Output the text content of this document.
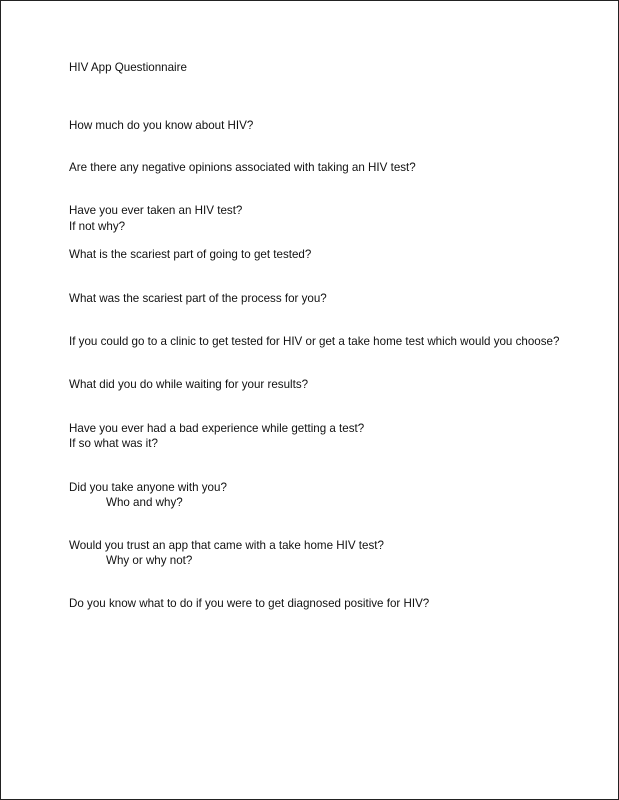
HIV App Questionnaire

How much do you know about HIV?

Are there any negative opinions associated with taking an HIV test?

Have you ever taken an HIV test?

If not why?

What is the scariest part of going to get tested?

What was the scariest part of the process for you?

If you could go to a clinic to get tested for HIV or get a take home test which would you choose?

What did you do while waiting for your results?

Have you ever had a bad experience while getting a test?

If so what was it?

Did you take anyone with you?

Who and why?

Would you trust an app that came with a take home HIV test?

Why or why not?

Do you know what to do if you were to get diagnosed positive for HIV?
